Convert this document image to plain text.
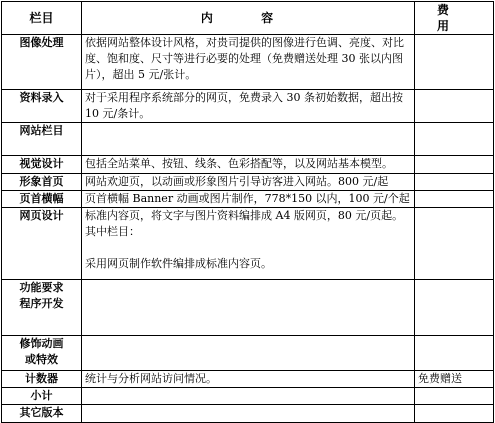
栏目	内 容	费 用
图像处理	依据网站整体设计风格，对贵司提供的图像进行色调、亮度、对比度、饱和度、尺寸等进行必要的处理（免费赠送处理 30 张以内图片），超出 5 元/张计。	
资料录入	对于采用程序系统部分的网页，免费录入 30 条初始数据，超出按 10 元/条计。	
网站栏目		
视觉设计	包括全站菜单、按钮、线条、色彩搭配等，以及网站基本模型。	
形象首页	网站欢迎页，以动画或形象图片引导访客进入网站。800 元/起	
页首横幅	页首横幅 Banner 动画或图片制作，778*150 以内，100 元/个起	
网页设计	标准内容页，将文字与图片资料编排成 A4 版网页，80 元/页起。
其中栏目：
采用网页制作软件编排成标准内容页。	

功能要求
程序开发		

修饰动画
或特效		

计数器	统计与分析网站访问情况。	免费赠送
小计		
其它版本		
